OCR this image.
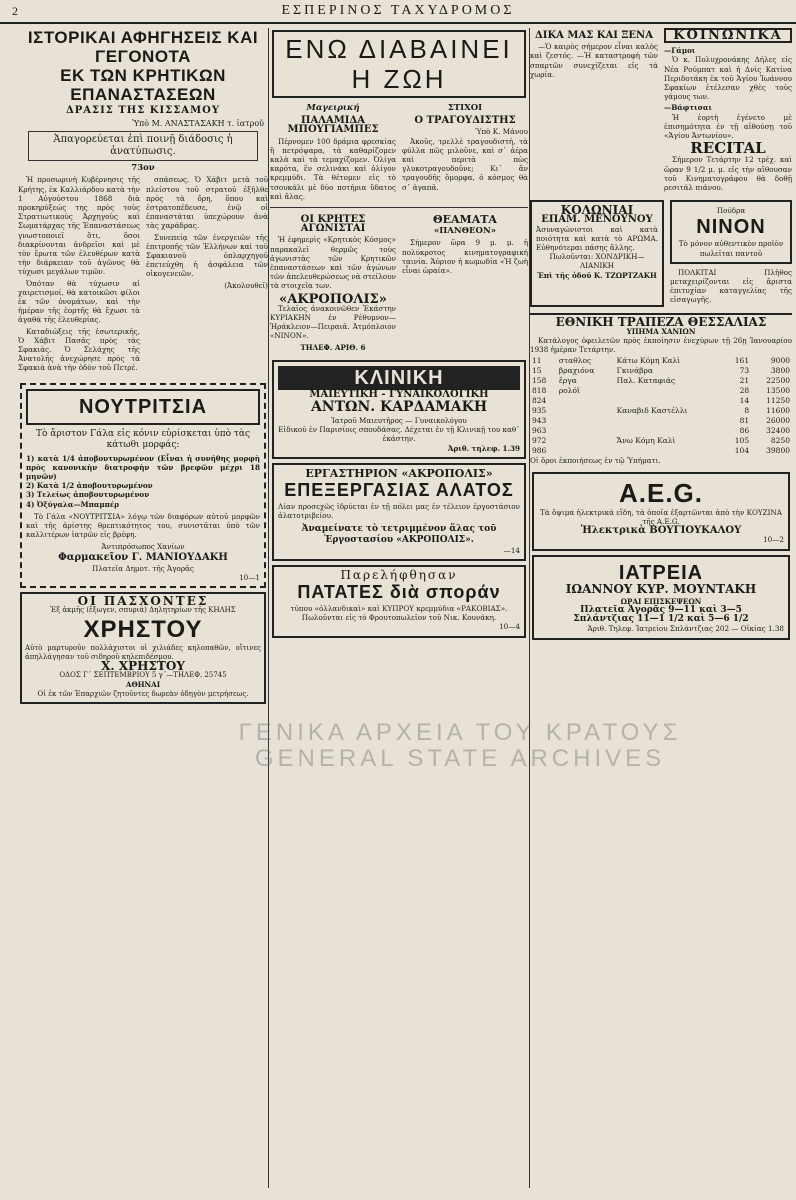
2	ΕΣΠΕΡΙΝΟΣ ΤΑΧΥΔΡΟΜΟΣ
ΙΣΤΟΡΙΚΑΙ ΑΦΗΓΗΣΕΙΣ ΚΑΙ ΓΕΓΟΝΟΤΑ
ΕΚ ΤΩΝ ΚΡΗΤΙΚΩΝ ΕΠΑΝΑΣΤΑΣΕΩΝ
ΔΡΑΣΙΣ ΤΗΣ ΚΙΣΣΑΜΟΥ
Ὑπὸ Μ. ΑΝΑΣΤΑΣΑΚΗ τ. ἰατροῦ
Ἀπαγορεύεται ἐπὶ ποινῇ διάδοσις ἡ ἀνατύπωσις.
73ον

Ἡ προσωρινὴ Κυβέρνησις τῆς Κρήτης, ἐκ Καλλιάρδου κατὰ τὴν 1 Αὐγούστου 1868 διὰ προκηρύξεώς της πρὸς τοὺς Στρατιωτικοὺς Ἀρχηγοὺς καὶ Σωματάρχας τῆς Ἐπαναστάσεως γνωστοποιεῖ ὅτι, ὅσοι διακρίνονται ἀνδρεῖοι καὶ μὲ τὸν ἔρωτα τῶν ἐλευθέρων κατὰ τὴν διάρκειαν τοῦ ἀγῶνος θὰ τύχωσι μεγάλων τιμῶν.

Ὁπόταν θὰ τύχωσιν αἱ χαιρετισμοί, θὰ κατοικῶσι φίλοι ἐκ τῶν ὀνομάτων, καὶ τὴν ἡμέραν τῆς ἑορτῆς θὰ ἔχωσι τὰ ἀγαθὰ τῆς ἐλευθερίας.

Καταδιώξεις τῆς ἐσωτερικῆς, Ὁ Χάβιτ Πασᾶς πρὸς τὰς Σφακιὰς. Ὁ Σελάχης τῆς Ἀνατολῆς ἀνεχώρησε πρὸς τὰ Σφακιὰ ἀνὰ τὴν ὁδὸν τοῦ Πετρέ.

σπάσεως. Ὁ Χάβιτ μετὰ τοῦ πλείστου τοῦ στρατοῦ ἐξῆλθε πρὸς τὰ ὄρη, ὅπου καὶ ἐστρατοπέδευσε, ἐνῷ οἱ ἐπαναστάται ὑπεχώρουν ἀνὰ τὰς χαράδρας.

Συνεπείᾳ τῶν ἐνεργειῶν τῆς ἐπιτροπῆς τῶν Ἑλλήνων καὶ τοῦ Σφακιανοῦ ὁπλαρχηγοῦ ἐπετεύχθη ἡ ἀσφάλεια τῶν οἰκογενειῶν.

(Ἀκολουθεῖ)
ΝΟΥΤΡΙΤΣΙΑ
Τὸ ἄριστον Γάλα εἰς κόνιν εὑρίσκεται ὑπὸ τὰς κάτωθι μορφάς:
1) κατὰ 1/4 ἀποβουτυρωμένον (Εἶναι ἡ συνήθης μορφὴ πρὸς κανονικὴν διατροφὴν τῶν βρεφῶν μέχρι 18 μηνῶν)
2) Κατὰ 1/2 ἀποβουτυρωμένον
3) Τελείως ἀποβουτυρωμένον
4) Ὀξύγαλα—Μπαμπέρ

Τὸ Γάλα «ΝΟΥΤΡΙΤΣΙΑ» λόγῳ τῶν διαφόρων αὐτοῦ μορφῶν καὶ τῆς ἀρίστης θρεπτικότητος του, συνιστᾶται ὑπὸ τῶν καλλιτέρων ἰατρῶν εἰς βρέφη.

Ἀντιπρόσωπος Χανίων
Φαρμακεῖον Γ. ΜΑΝΙΟΥΔΑΚΗ
Πλατεῖα Δημοτ. τῆς Ἀγορᾶς
10—1
ΟΙ ΠΑΣΧΟΝΤΕΣ
Ἐξ ἀκμῆς (ἔξωγεν, σπυριά) Δηλητηρίων τῆς ΚΗΛΗΣ
ΧΡΗΣΤΟΥ
Αὐτὸ μαρτυροῦν πολλάχιστοι οἱ χιλιάδες κηλοπαθῶν, οἵτινες ἀπηλλάγησαν τοῦ σιδηροῦ κηλεπιδέσμου.
Χ. ΧΡΗΣΤΟΥ
ΟΔΟΣ Γ΄ ΣΕΠΤΕΜΒΡΙΟΥ 5 γ΄—ΤΗΛΕΦ. 25745
ΑΘΗΝΑΙ
Οἱ ἐκ τῶν Ἐπαρχιῶν ζητοῦντες δωρεὰν ὁδηγὸν μετρήσεως.
ΕΝΩ ΔΙΑΒΑΙΝΕΙ Η ΖΩΗ
Μαγειρική
ΠΑΛΑΜΙΔΑ ΜΠΟΥΓΙΑΜΠΕΣ

Πέρνομεν 100 δράμια φρεσκίας ἢ πετρόψαρα, τὰ καθαρίζομεν καλὰ καὶ τὰ τεμαχίζομεν. Ὀλίγα καρότα, ἓν σελινάκι καὶ ὀλίγον κρεμμύδι. Τὰ θέτομεν εἰς τὸ τσουκάλι μὲ δύο ποτήρια ὕδατος καὶ ἄλας.

ΣΤΙΧΟΙ
Ο ΤΡΑΓΟΥΔΙΣΤΗΣ
Ὑπὸ Κ. Μάνου

Ἀκοῦς, τρελλὲ τραγουδιστή, τὰ φύλλα πῶς μιλοῦνε, καὶ σ᾽ ἀέρα καὶ περιτὰ πὼς γλυκοτραγουδοῦνε; Κι᾽ ἂν τραγουδῆς ὄμορφα, ὁ κόσμος θὰ σ᾽ ἀγαπᾶ.

ΟΙ ΚΡΗΤΕΣ ΑΓΩΝΙΣΤΑΙ

Ἡ ἐφημερὶς «Κρητικὸς Κόσμος» παρακαλεῖ θερμῶς τοὺς ἀγωνιστὰς τῶν Κρητικῶν ἐπαναστάσεων καὶ τῶν ἀγώνων τῶν ἀπελευθερώσεως νὰ στείλουν τὰ στοιχεῖα των.

«ΑΚΡΟΠΟΛΙΣ»

Τελαῖος ἀνακοινῶθεν Ἑκάστην ΚΥΡΙΑΚΗΝ ἐν Ρέθυμνον—Ἡράκλειον—Πειραιᾶ. Ἀτμόπλοιον «ΝΙΝΟΝ».

ΤΗΛΕΦ. ΑΡΙΘ. 6
ΘΕΑΜΑΤΑ
«ΠΑΝΘΕΟΝ»

Σήμερον ὥρα 9 μ. μ. ἡ πολύκροτος κινηματογραφική ταινία. Ἀύριον ἡ κωμωδία «Ἡ ζωὴ εἶναι ὡραία».

ΚΛΙΝΙΚΗ
ΜΑΙΕΥΤΙΚΗ - ΓΥΝΑΙΚΟΛΟΓΙΚΗ
ΑΝΤΩΝ. ΚΑΡΔΑΜΑΚΗ
Ἰατροῦ Μαιευτῆρος — Γυναικολόγου
Εἰδικοῦ ἐν Παρισίοις σπουδάσας. Δέχεται ἐν τῇ Κλινικῇ του καθ᾽ ἑκάστην.
Ἀριθ. τηλεφ. 1.39
ΕΡΓΑΣΤΗΡΙΟΝ «ΑΚΡΟΠΟΛΙΣ»
ΕΠΕΞΕΡΓΑΣΙΑΣ ΑΛΑΤΟΣ
Λίαν προσεχῶς ἱδρύεται ἐν τῇ πόλει μας ἐν τέλειον ἐργοστάσιον ἁλατοτριβείου.
Ἀναμείνατε τὸ τετριμμένον ἅλας τοῦ Ἐργοστασίου «ΑΚΡΟΠΟΛΙΣ».
—14
Παρελήφθησαν
ΠΑΤΑΤΕΣ διὰ σποράν
τύπου «ὁλλανδικαὶ» καὶ ΚΥΠΡΟΥ κρεμμύδια «ΡΑΚΟΒΙΑΣ». Πωλοῦνται εἰς τὸ Φρουτοπωλεῖον τοῦ Νικ. Κουνάκη.
10—4
ΔΙΚΑ ΜΑΣ ΚΑΙ ΞΕΝΑ

—Ὁ καιρὸς σήμερον εἶναι καλὸς καὶ ζεστός. —Ἡ καταστροφὴ τῶν σπαρτῶν συνεχίζεται εἰς τὰ χωρία.

ΚΟΙΝΩΝΙΚΑ
—Γάμοι

Ὁ κ. Πολυχρονάκης Δήλες εἰς Νέα Ρούμπατ καὶ ἡ Δνὶς Κατίνα Περιδοτάκη ἐκ τοῦ Ἁγίου Ἰωάννου Σφακίων ἐτέλεσαν χθὲς τοὺς γάμους των.

—Βάφτισαι

Ἡ ἑορτὴ ἐγένετο μὲ ἐπισημότητα ἐν τῇ αἰθούσῃ τοῦ «Ἁγίου Ἀντωνίου».

RECITAL

Σήμερον Τετάρτην 12 τρέχ. καὶ ὥραν 9 1/2 μ. μ. εἰς τὴν αἴθουσαν τοῦ Κινηματογράφου θὰ δοθῇ ρεσιτάλ πιάνου.

ΚΟΛΩΝΙΑΙ
ΕΠΑΜ. ΜΕΝΟΥΝΟΥ
Ἀσυναγώνιστοι καὶ κατὰ ποιότητα καὶ κατὰ τὸ ΑΡΩΜΑ. Εὐθηνότεραι πάσης ἄλλης.
Πωλοῦνται: ΧΟΝΔΡΙΚΗ—ΛΙΑΝΙΚΗ
Ἐπὶ τῆς ὁδοῦ Κ. ΤΖΩΡΤΖΑΚΗ
Πούδρα
ΝΙΝΟΝ
Τὸ μόνον αὐθεντικὸν προϊὸν πωλεῖται παντοῦ

ΠΟΛΚΙΤΑΙ Πλῆθος μεταχειρίζονται εἰς ἄριστα ἐπιτυχίαν καταγγελίας τῆς εἰσαγωγῆς.

ΕΘΝΙΚΗ ΤΡΑΠΕΖΑ ΘΕΣΣΑΛΙΑΣ
ΥΠΗΜΑ ΧΑΝΙΩΝ

Κατάλογος ὀφειλετῶν πρὸς ἐκποίησιν ἐνεχύρων τῇ 26ῃ Ἰανουαρίου 1938 ἡμέραν Τετάρτην.

11	σταθλος	Κάτω Κόμη Καλὶ	161	9000
15	βραχιόνα	Γκινάβρα	73	3800
158	ἔργα	Παλ. Καταφιάς	21	22500
818	ρολόϊ		28	13500
824			14	11250
935		Καναβιδ Καστέλλι	8	11600
943			81	26000
963			86	32400
972		Ἄνω Κόμη Καλὶ	105	8250
986			104	39800
Οἱ ὅροι ἐκποιήσεως ἐν τῷ Ὑπήματι.
A.E.G.
Τὰ ὄψιμα ἠλεκτρικὰ εἴδη, τὰ ὁποῖα ἐξαρτῶνται ἀπὸ τὴν ΚΟΥΖΙΝΑ τῆς A.E.G.
Ἠλεκτρικὰ ΒΟΥΓΙΟΥΚΑΛΟΥ
10—2
ΙΑΤΡΕΙΑ
ΙΩΑΝΝΟΥ ΚΥΡ. ΜΟΥΝΤΑΚΗ
ΩΡΑΙ ΕΠΙΣΚΕΨΕΩΝ
Πλατεῖα Ἀγορᾶς 9—11 καὶ 3—5
Σπλάντζιας 11—1 1/2 καὶ 5—6 1/2
Ἀριθ. Τηλεφ. Ἰατρείου Σπλάντζιας 202 — Οἰκίας 1.38
ΓΕΝΙΚΑ ΑΡΧΕΙΑ ΤΟΥ ΚΡΑΤΟΥΣ
GENERAL STATE ARCHIVES
